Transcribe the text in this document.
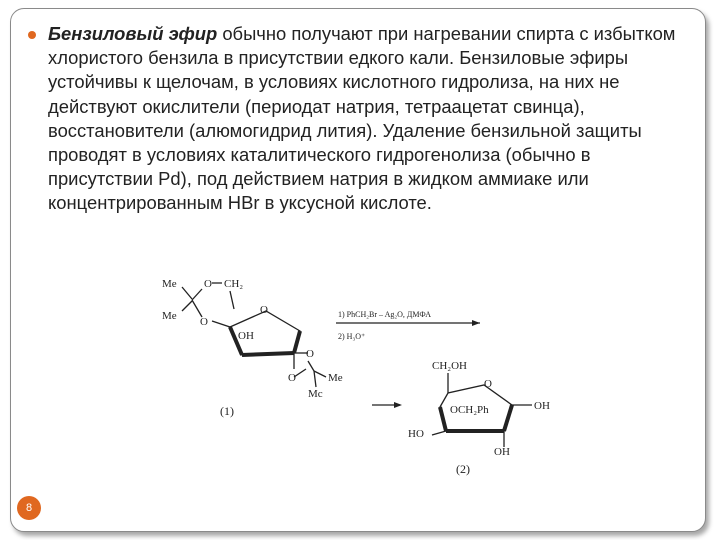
Бензиловый эфир обычно получают при нагревании спирта с избытком хлористого бензила в присутствии едкого кали. Бензиловые эфиры устойчивы к щелочам, в условиях кислотного гидролиза, на них не действуют окислители (периодат натрия, тетраацетат свинца), восстановители (алюмогидрид лития). Удаление бензильной защиты проводят в условиях каталитического гидрогенолиза (обычно в присутствии Pd), под действием натрия в жидком аммиаке или концентрированным HBr в уксусной кислоте.

Me
Me
O CH₂
O
O
OH
O
O	Me
Mc
(1)
1) PhCH₂Br – Ag₂O, ДМФА
2) H₃O⁺
CH₂OH
O
OCH₂Ph	OH
HO
OH
(2)
8
